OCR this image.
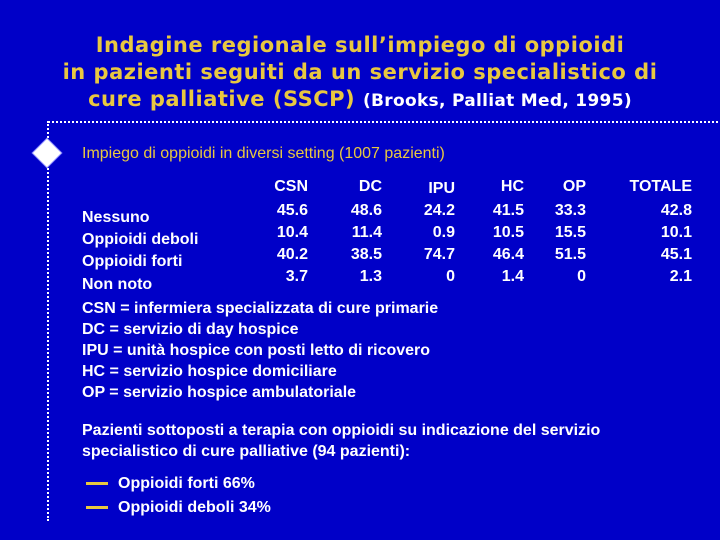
Indagine regionale sull’impiego di oppioidi
in pazienti seguiti da un servizio specialistico di
cure palliative (SSCP) (Brooks, Palliat Med, 1995)
Impiego di oppioidi in diversi setting (1007 pazienti)
Nessuno
Oppioidi deboli
Oppioidi forti
Non noto
CSN
45.6
10.4
40.2
3.7
DC
48.6
11.4
38.5
1.3
IPU
24.2
0.9
74.7
0
HC
41.5
10.5
46.4
1.4
OP
33.3
15.5
51.5
0
TOTALE
42.8
10.1
45.1
2.1
CSN = infermiera specializzata di cure primarie
DC = servizio di day hospice
IPU = unità hospice con posti letto di ricovero
HC = servizio hospice domiciliare
OP = servizio hospice ambulatoriale
Pazienti sottoposti a terapia con oppioidi su indicazione del servizio specialistico di cure palliative (94 pazienti):
Oppioidi forti 66%
Oppioidi deboli 34%
